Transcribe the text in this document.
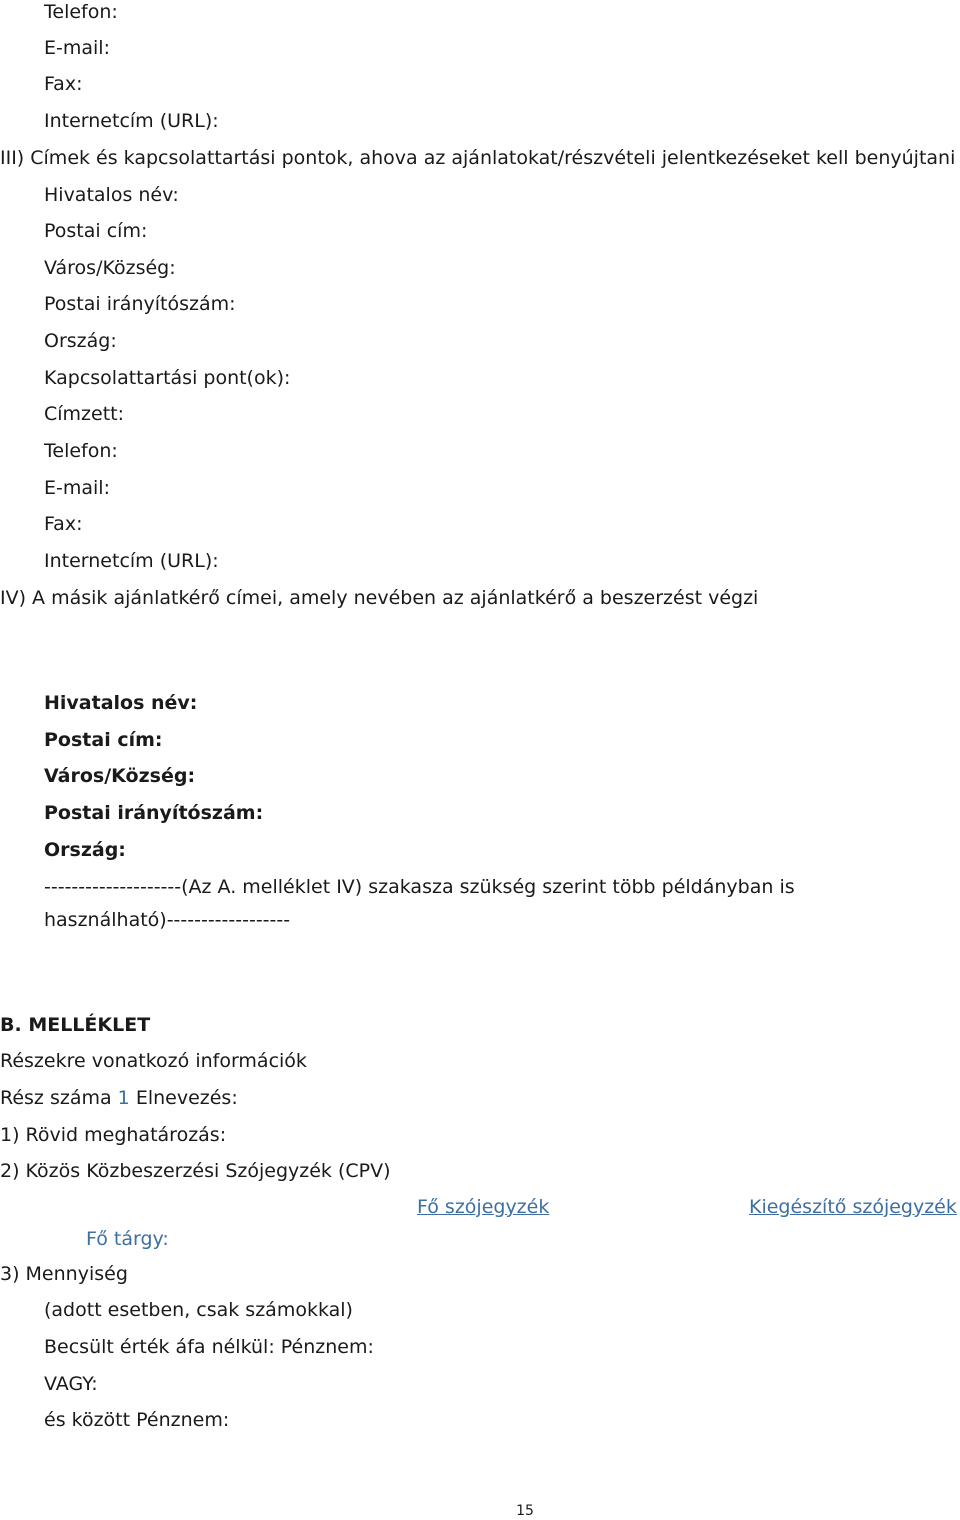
Telefon:

E-mail:

Fax:

Internetcím (URL):

III) Címek és kapcsolattartási pontok, ahova az ajánlatokat/részvételi jelentkezéseket kell benyújtani

Hivatalos név:

Postai cím:

Város/Község:

Postai irányítószám:

Ország:

Kapcsolattartási pont(ok):

Címzett:

Telefon:

E-mail:

Fax:

Internetcím (URL):

IV) A másik ajánlatkérő címei, amely nevében az ajánlatkérő a beszerzést végzi

Hivatalos név:

Postai cím:

Város/Község:

Postai irányítószám:

Ország:

--------------------(Az A. melléklet IV) szakasza szükség szerint több példányban is

használható)------------------

B. MELLÉKLET

Részekre vonatkozó információk

Rész száma 1 Elnevezés:

1) Rövid meghatározás:

2) Közös Közbeszerzési Szójegyzék (CPV)

Fő szójegyzék	Kiegészítő szójegyzék

Fő tárgy:

3) Mennyiség

(adott esetben, csak számokkal)

Becsült érték áfa nélkül: Pénznem:

VAGY:

és között Pénznem:

15
